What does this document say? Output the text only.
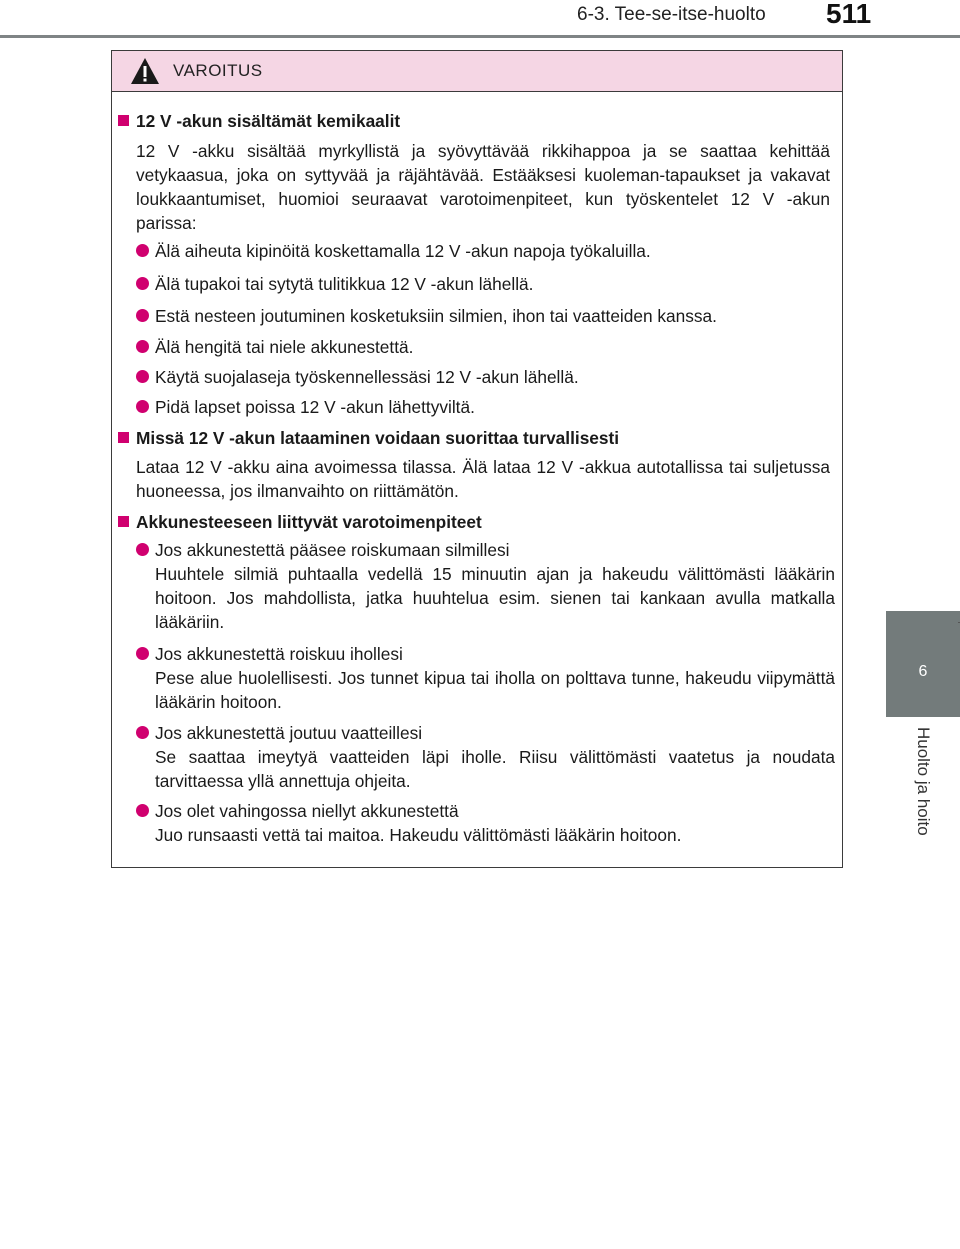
6-3. Tee-se-itse-huolto 511
6
Huolto ja hoito
VAROITUS
12 V -akun sisältämät kemikaalit
12 V -akku sisältää myrkyllistä ja syövyttävää rikkihappoa ja se saattaa kehittää vetykaasua, joka on syttyvää ja räjähtävää. Estääksesi kuoleman-tapaukset ja vakavat loukkaantumiset, huomioi seuraavat varotoimenpiteet, kun työskentelet 12 V -akun parissa:
Älä aiheuta kipinöitä koskettamalla 12 V -akun napoja työkaluilla.
Älä tupakoi tai sytytä tulitikkua 12 V -akun lähellä.
Estä nesteen joutuminen kosketuksiin silmien, ihon tai vaatteiden kanssa.
Älä hengitä tai niele akkunestettä.
Käytä suojalaseja työskennellessäsi 12 V -akun lähellä.
Pidä lapset poissa 12 V -akun lähettyviltä.
Missä 12 V -akun lataaminen voidaan suorittaa turvallisesti
Lataa 12 V -akku aina avoimessa tilassa. Älä lataa 12 V -akkua autotallissa tai suljetussa huoneessa, jos ilmanvaihto on riittämätön.
Akkunesteeseen liittyvät varotoimenpiteet
Jos akkunestettä pääsee roiskumaan silmillesi
Huuhtele silmiä puhtaalla vedellä 15 minuutin ajan ja hakeudu välittömästi lääkärin hoitoon. Jos mahdollista, jatka huuhtelua esim. sienen tai kankaan avulla matkalla lääkäriin.
Jos akkunestettä roiskuu ihollesi
Pese alue huolellisesti. Jos tunnet kipua tai iholla on polttava tunne, hakeudu viipymättä lääkärin hoitoon.
Jos akkunestettä joutuu vaatteillesi
Se saattaa imeytyä vaatteiden läpi iholle. Riisu välittömästi vaatetus ja noudata tarvittaessa yllä annettuja ohjeita.
Jos olet vahingossa niellyt akkunestettä
Juo runsaasti vettä tai maitoa. Hakeudu välittömästi lääkärin hoitoon.
